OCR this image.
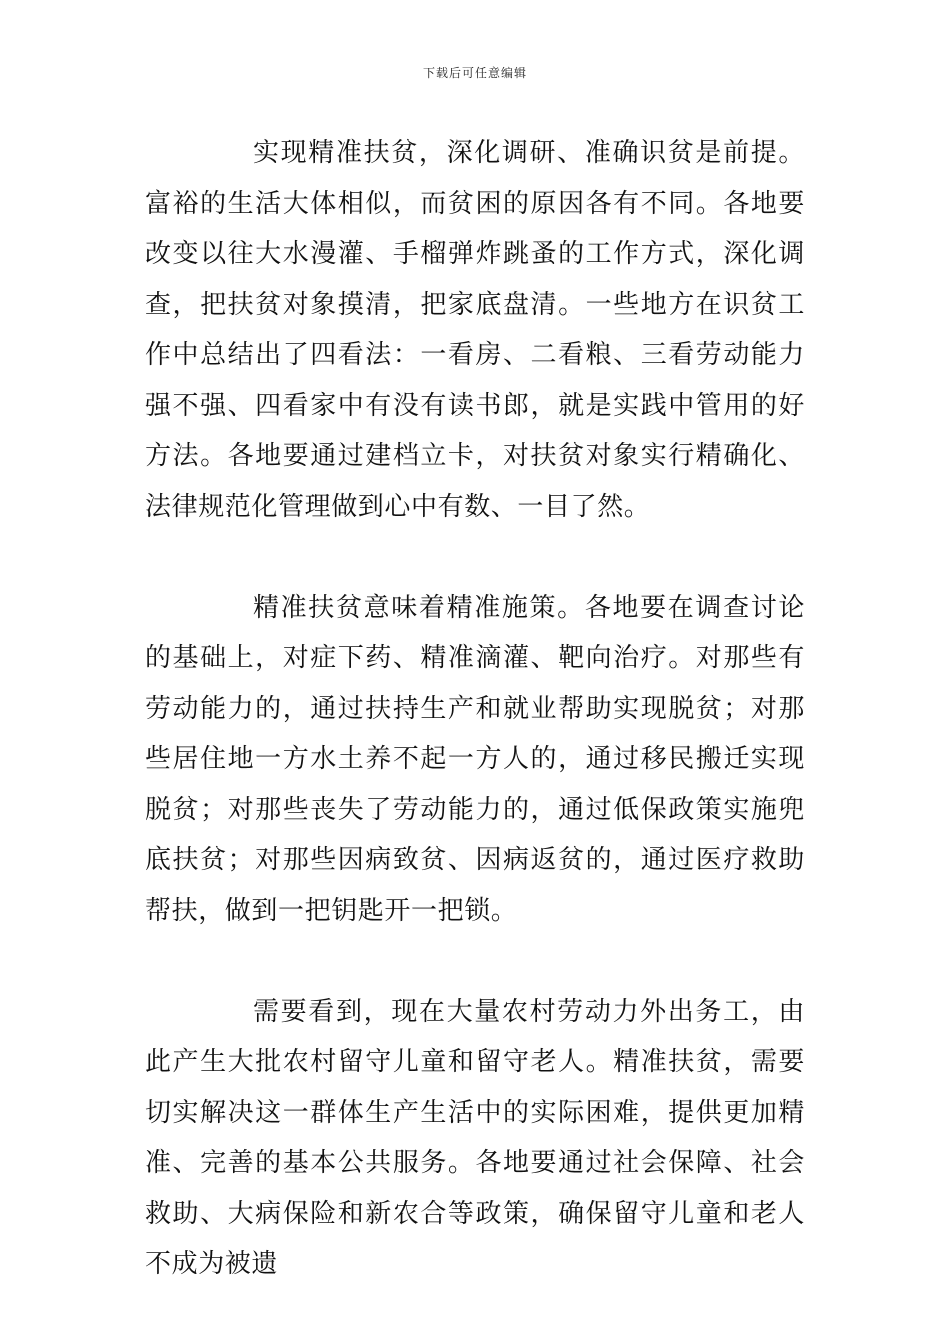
下载后可任意编辑

实现精准扶贫，深化调研、准确识贫是前提。富裕的生活大体相似，而贫困的原因各有不同。各地要改变以往大水漫灌、手榴弹炸跳蚤的工作方式，深化调查，把扶贫对象摸清，把家底盘清。一些地方在识贫工作中总结出了四看法：一看房、二看粮、三看劳动能力强不强、四看家中有没有读书郎，就是实践中管用的好方法。各地要通过建档立卡，对扶贫对象实行精确化、法律规范化管理做到心中有数、一目了然。

精准扶贫意味着精准施策。各地要在调查讨论的基础上，对症下药、精准滴灌、靶向治疗。对那些有劳动能力的，通过扶持生产和就业帮助实现脱贫；对那些居住地一方水土养不起一方人的，通过移民搬迁实现脱贫；对那些丧失了劳动能力的，通过低保政策实施兜底扶贫；对那些因病致贫、因病返贫的，通过医疗救助帮扶，做到一把钥匙开一把锁。

需要看到，现在大量农村劳动力外出务工，由此产生大批农村留守儿童和留守老人。精准扶贫，需要切实解决这一群体生产生活中的实际困难，提供更加精准、完善的基本公共服务。各地要通过社会保障、社会救助、大病保险和新农合等政策，确保留守儿童和老人不成为被遗
